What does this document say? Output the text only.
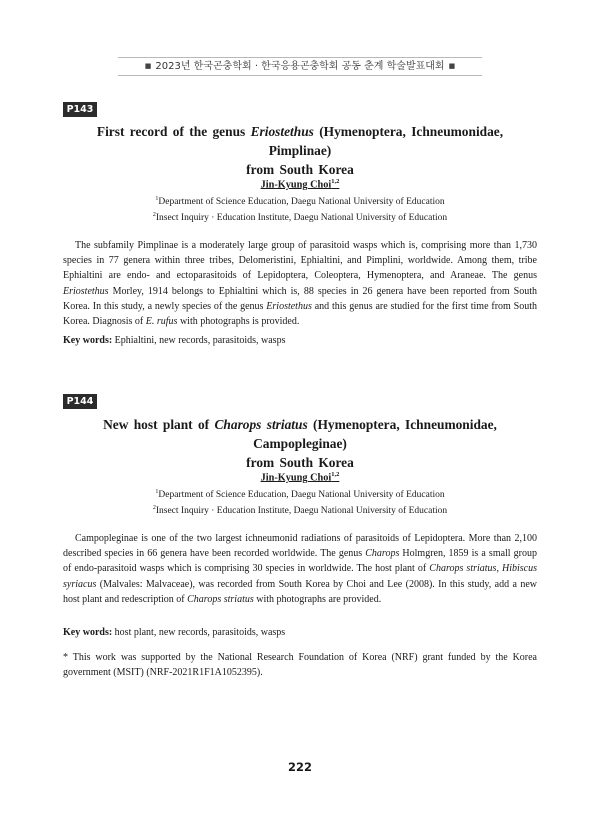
■ 2023년 한국곤충학회 · 한국응용곤충학회 공동 춘계 학술발표대회 ■
P143
First record of the genus Eriostethus (Hymenoptera, Ichneumonidae, Pimplinae)
from South Korea
Jin-Kyung Choi$^{1,2}$
$^1$Department of Science Education, Daegu National University of Education
$^2$Insect Inquiry · Education Institute, Daegu National University of Education

The subfamily Pimplinae is a moderately large group of parasitoid wasps which is, comprising more than 1,730 species in 77 genera within three tribes, Delomeristini, Ephialtini, and Pimplini, worldwide. Among them, tribe Ephialtini are endo- and ectoparasitoids of Lepidoptera, Coleoptera, Hymenoptera, and Araneae. The genus Eriostethus Morley, 1914 belongs to Ephialtini which is, 88 species in 26 genera have been reported from South Korea. In this study, a newly species of the genus Eriostethus and this genus are studied for the first time from South Korea. Diagnosis of E. rufus with photographs is provided.

Key words: Ephialtini, new records, parasitoids, wasps

P144
New host plant of Charops striatus (Hymenoptera, Ichneumonidae, Campopleginae)
from South Korea
Jin-Kyung Choi$^{1,2}$
$^1$Department of Science Education, Daegu National University of Education
$^2$Insect Inquiry · Education Institute, Daegu National University of Education

Campopleginae is one of the two largest ichneumonid radiations of parasitoids of Lepidoptera. More than 2,100 described species in 66 genera have been recorded worldwide. The genus Charops Holmgren, 1859 is a small group of endo-parasitoid wasps which is comprising 30 species in worldwide. The host plant of Charops striatus, Hibiscus syriacus (Malvales: Malvaceae), was recorded from South Korea by Choi and Lee (2008). In this study, add a new host plant and redescription of Charops striatus with photographs are provided.

Key words: host plant, new records, parasitoids, wasps

* This work was supported by the National Research Foundation of Korea (NRF) grant funded by the Korea government (MSIT) (NRF-2021R1F1A1052395).

222
